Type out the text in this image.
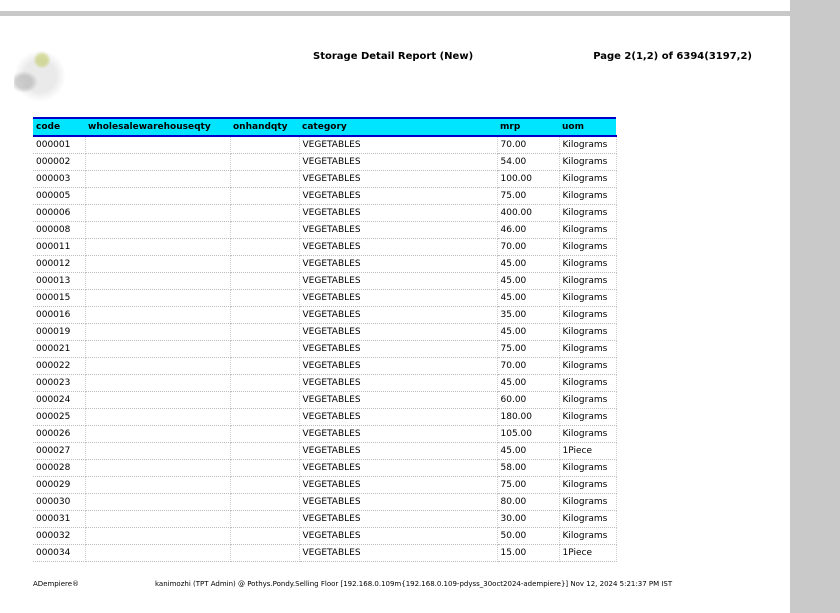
Storage Detail Report (New)	Page 2(1,2) of 6394(3197,2)
code	wholesalewarehouseqty	onhandqty	category	mrp	uom
000001			VEGETABLES	70.00	Kilograms
000002			VEGETABLES	54.00	Kilograms
000003			VEGETABLES	100.00	Kilograms
000005			VEGETABLES	75.00	Kilograms
000006			VEGETABLES	400.00	Kilograms
000008			VEGETABLES	46.00	Kilograms
000011			VEGETABLES	70.00	Kilograms
000012			VEGETABLES	45.00	Kilograms
000013			VEGETABLES	45.00	Kilograms
000015			VEGETABLES	45.00	Kilograms
000016			VEGETABLES	35.00	Kilograms
000019			VEGETABLES	45.00	Kilograms
000021			VEGETABLES	75.00	Kilograms
000022			VEGETABLES	70.00	Kilograms
000023			VEGETABLES	45.00	Kilograms
000024			VEGETABLES	60.00	Kilograms
000025			VEGETABLES	180.00	Kilograms
000026			VEGETABLES	105.00	Kilograms
000027			VEGETABLES	45.00	1Piece
000028			VEGETABLES	58.00	Kilograms
000029			VEGETABLES	75.00	Kilograms
000030			VEGETABLES	80.00	Kilograms
000031			VEGETABLES	30.00	Kilograms
000032			VEGETABLES	50.00	Kilograms
000034			VEGETABLES	15.00	1Piece
ADempiere®	kanimozhi (TPT Admin) @ Pothys.Pondy.Selling Floor [192.168.0.109m{192.168.0.109-pdyss_30oct2024-adempiere}] Nov 12, 2024 5:21:37 PM IST
